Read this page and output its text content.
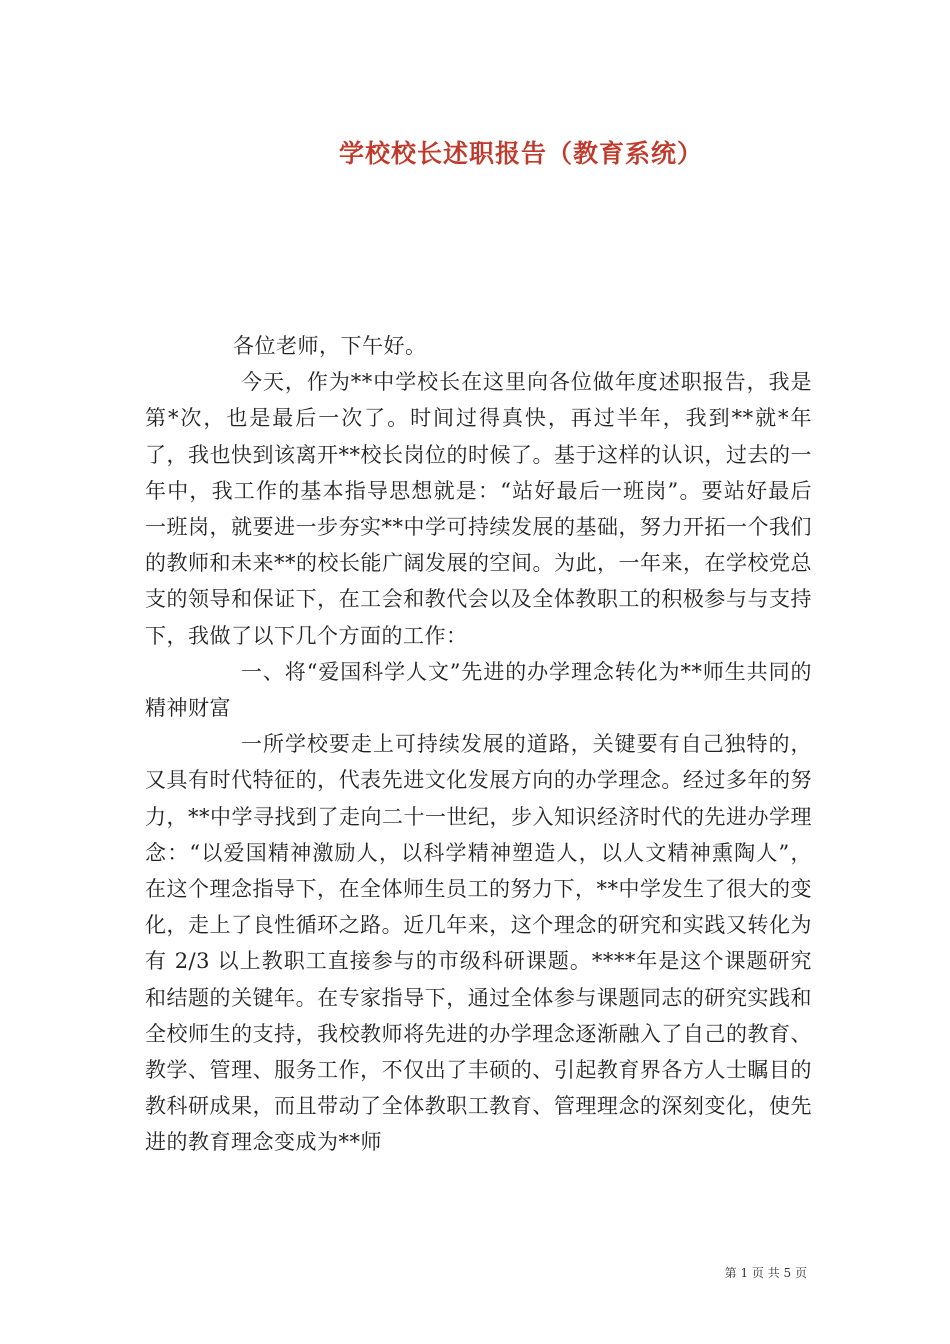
学校校长述职报告（教育系统）

各位老师，下午好。

今天，作为**中学校长在这里向各位做年度述职报告，我是第*次，也是最后一次了。时间过得真快，再过半年，我到**就*年了，我也快到该离开**校长岗位的时候了。基于这样的认识，过去的一年中，我工作的基本指导思想就是：“站好最后一班岗”。要站好最后一班岗，就要进一步夯实**中学可持续发展的基础，努力开拓一个我们的教师和未来**的校长能广阔发展的空间。为此，一年来，在学校党总支的领导和保证下，在工会和教代会以及全体教职工的积极参与与支持下，我做了以下几个方面的工作：

一、将“爱国科学人文”先进的办学理念转化为**师生共同的精神财富

一所学校要走上可持续发展的道路，关键要有自己独特的，又具有时代特征的，代表先进文化发展方向的办学理念。经过多年的努力，**中学寻找到了走向二十一世纪，步入知识经济时代的先进办学理念：“以爱国精神激励人，以科学精神塑造人，以人文精神熏陶人”，在这个理念指导下，在全体师生员工的努力下，**中学发生了很大的变化，走上了良性循环之路。近几年来，这个理念的研究和实践又转化为有 2/3 以上教职工直接参与的市级科研课题。****年是这个课题研究和结题的关键年。在专家指导下，通过全体参与课题同志的研究实践和全校师生的支持，我校教师将先进的办学理念逐渐融入了自己的教育、教学、管理、服务工作，不仅出了丰硕的、引起教育界各方人士瞩目的教科研成果，而且带动了全体教职工教育、管理理念的深刻变化，使先进的教育理念变成为**师

第 1 页 共 5 页
